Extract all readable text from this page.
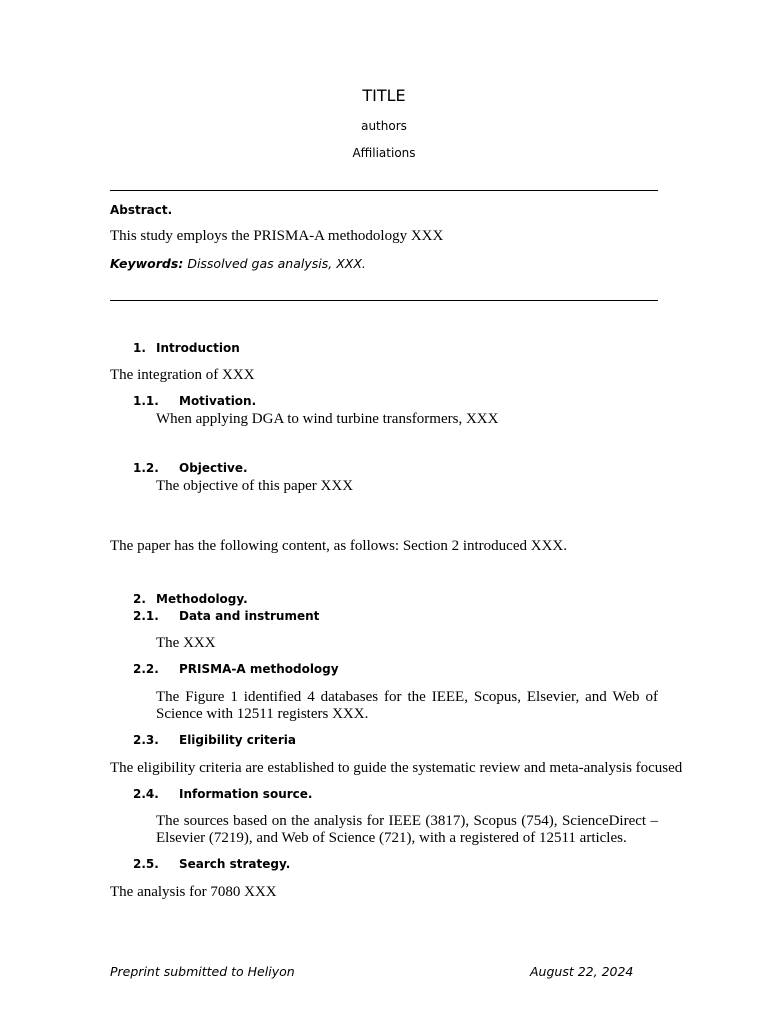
TITLE
authors
Affiliations
Abstract.
This study employs the PRISMA-A methodology XXX
Keywords: Dissolved gas analysis, XXX.
1. Introduction
The integration of XXX
1.1. Motivation.
When applying DGA to wind turbine transformers, XXX
1.2. Objective.
The objective of this paper XXX
The paper has the following content, as follows: Section 2 introduced XXX.
2. Methodology.
2.1. Data and instrument
The XXX
2.2. PRISMA-A methodology
The Figure 1 identified 4 databases for the IEEE, Scopus, Elsevier, and Web of Science with 12511 registers XXX.
2.3. Eligibility criteria
The eligibility criteria are established to guide the systematic review and meta-analysis focused
2.4. Information source.
The sources based on the analysis for IEEE (3817), Scopus (754), ScienceDirect – Elsevier (7219), and Web of Science (721), with a registered of 12511 articles.
2.5. Search strategy.
The analysis for 7080 XXX
Preprint submitted to Heliyon	August 22, 2024
